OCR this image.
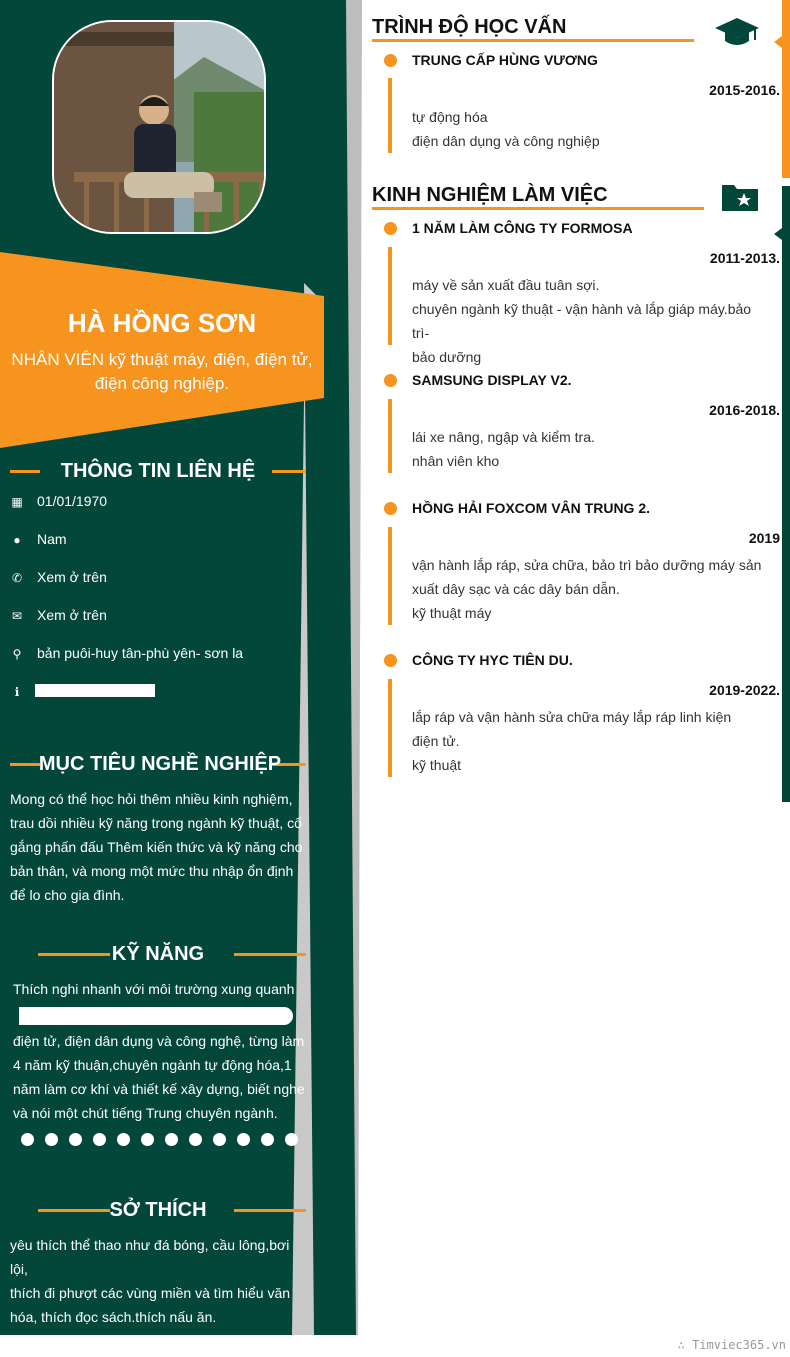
HÀ HỒNG SƠN
NHÂN VIÊN kỹ thuật máy, điện, điện tử, điện công nghiệp.
THÔNG TIN LIÊN HỆ
▦ 01/01/1970
● Nam
✆ Xem ở trên
✉ Xem ở trên
⚲ bản puôi-huy tân-phù yên- sơn la
ℹ
MỤC TIÊU NGHỀ NGHIỆP
Mong có thể học hỏi thêm nhiều kinh nghiệm,
trau dồi nhiều kỹ năng trong ngành kỹ thuật, cố
gắng phấn đấu Thêm kiến thức và kỹ năng cho
bản thân, và mong một mức thu nhập ổn định
để lo cho gia đình.
KỸ NĂNG
Thích nghi nhanh với môi trường xung quanh
điện tử, điện dân dụng và công nghệ, từng làm
4 năm kỹ thuận,chuyên ngành tự động hóa,1
năm làm cơ khí và thiết kế xây dựng, biết nghe
và nói một chút tiếng Trung chuyên ngành.
SỞ THÍCH
yêu thích thể thao như đá bóng, cầu lông,bơi lội,
thích đi phượt các vùng miền và tìm hiểu văn
hóa, thích đọc sách.thích nấu ăn.
TRÌNH ĐỘ HỌC VẤN
TRUNG CẤP HÙNG VƯƠNG
2015-2016.
tự động hóa
điện dân dụng và công nghiệp
KINH NGHIỆM LÀM VIỆC
1 NĂM LÀM CÔNG TY FORMOSA
2011-2013.
máy về sản xuất đầu tuân sợi.
chuyên ngành kỹ thuật - vận hành và lắp giáp máy.bảo trì-
bảo dưỡng
SAMSUNG DISPLAY V2.
2016-2018.
lái xe nâng, ngập và kiểm tra.
nhân viên kho
HỒNG HẢI FOXCOM VÂN TRUNG 2.
2019
vận hành lắp ráp, sửa chữa, bảo trì bảo dưỡng máy sản
xuất dây sạc và các dây bán dẫn.
kỹ thuật máy
CÔNG TY HYC TIÊN DU.
2019-2022.
lắp ráp và vận hành sửa chữa máy lắp ráp linh kiện
điện tử.
kỹ thuật
∴ Timviec365.vn
